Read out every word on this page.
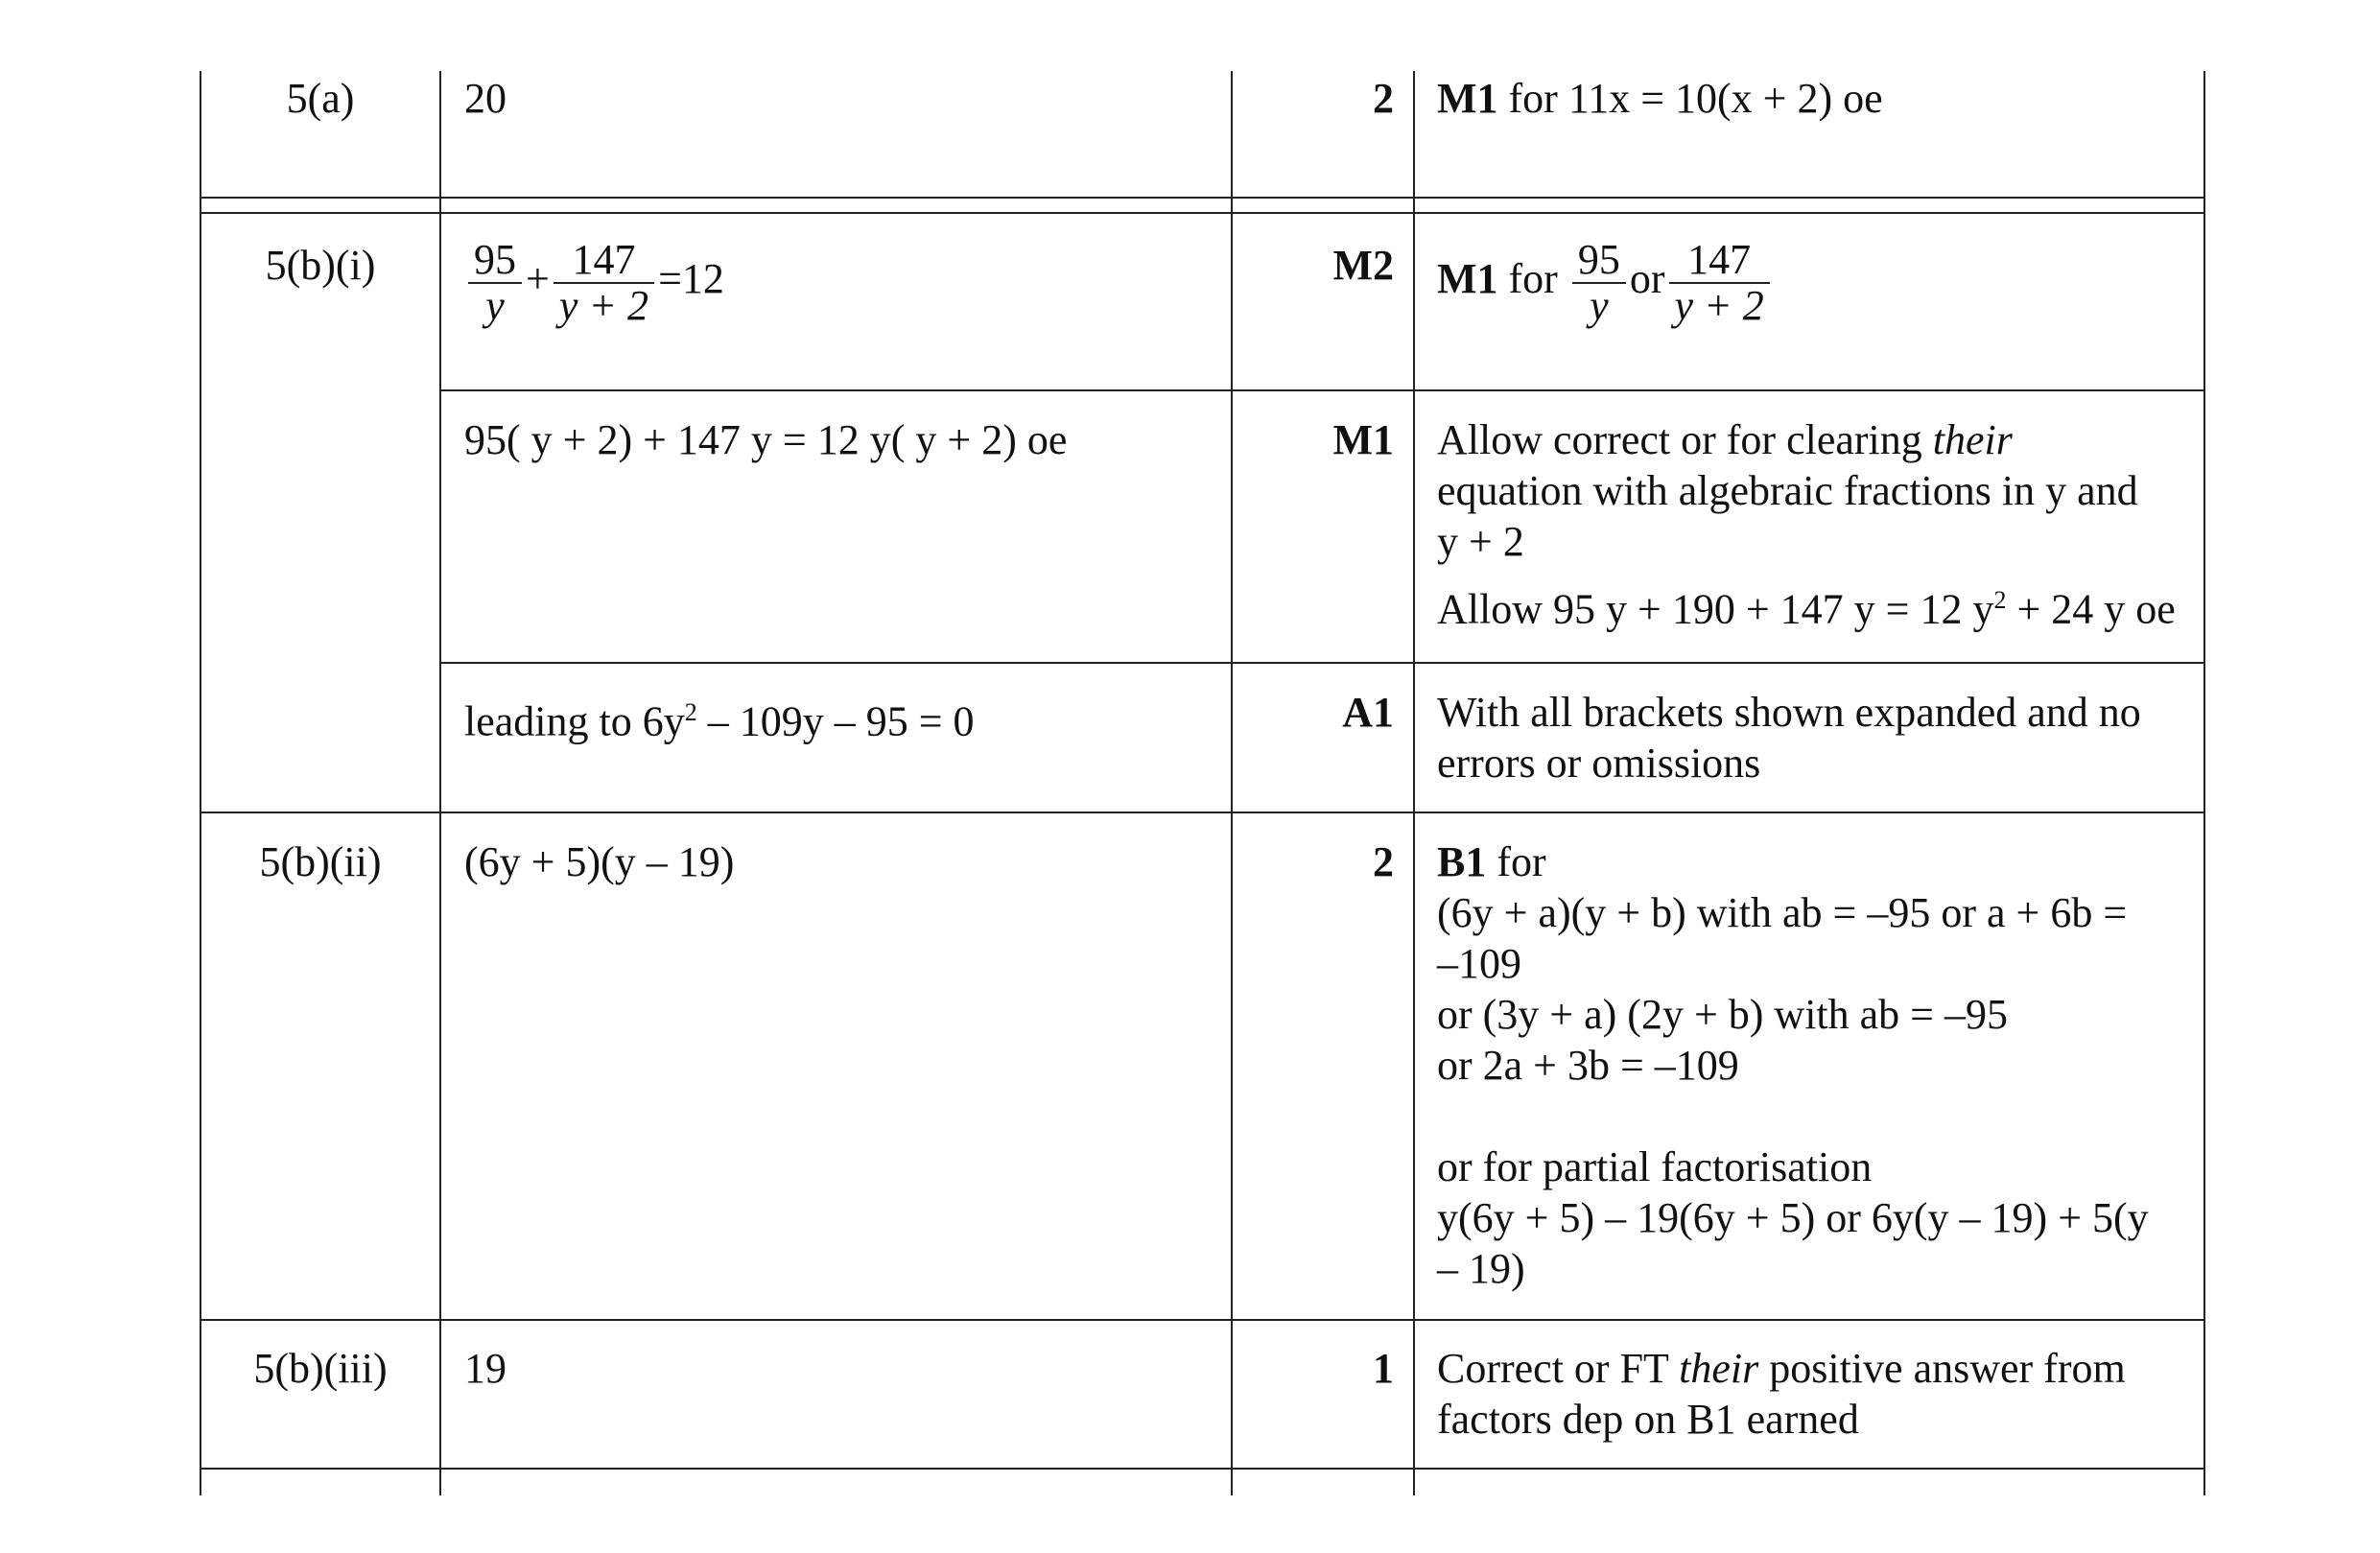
5(a)	20	2 M1 for 11x = 10(x + 2) oe
5(b)(i)	$\frac{95}{y} + \frac{147}{y + 2} =12$	M2 M1 for $\frac{95}{y}$ or $\frac{147}{y + 2}$
95( y + 2) + 147 y = 12 y( y + 2) oe	M1 Allow correct or for clearing their
equation with algebraic fractions in y and
y + 2
Allow 95 y + 190 + 147 y = 12 $y^2 + 24$ y oe
leading to $6y^2 - 109y - 95 = 0$	A1 With all brackets shown expanded and no
errors or omissions
5(b)(ii)	(6y + 5)(y – 19)	2 B1 for
(6y + a)(y + b) with ab = –95 or a + 6b =
–109
or (3y + a) (2y + b) with ab = –95
or 2a + 3b = –109
or for partial factorisation
y(6y + 5) – 19(6y + 5) or 6y(y – 19) + 5(y
– 19)
5(b)(iii)	19	1 Correct or FT their positive answer from
factors dep on B1 earned
